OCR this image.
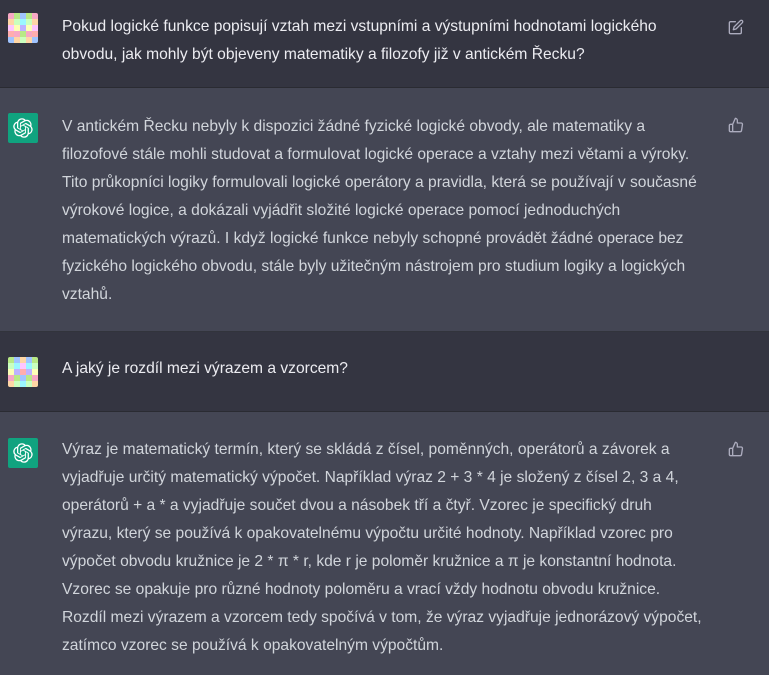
Pokud logické funkce popisují vztah mezi vstupními a výstupními hodnotami logického
obvodu, jak mohly být objeveny matematiky a filozofy již v antickém Řecku?

V antickém Řecku nebyly k dispozici žádné fyzické logické obvody, ale matematiky a
filozofové stále mohli studovat a formulovat logické operace a vztahy mezi větami a výroky.
Tito průkopníci logiky formulovali logické operátory a pravidla, která se používají v současné
výrokové logice, a dokázali vyjádřit složité logické operace pomocí jednoduchých
matematických výrazů. I když logické funkce nebyly schopné provádět žádné operace bez
fyzického logického obvodu, stále byly užitečným nástrojem pro studium logiky a logických
vztahů.

A jaký je rozdíl mezi výrazem a vzorcem?

Výraz je matematický termín, který se skládá z čísel, poměnných, operátorů a závorek a
vyjadřuje určitý matematický výpočet. Například výraz 2 + 3 * 4 je složený z čísel 2, 3 a 4,
operátorů + a * a vyjadřuje součet dvou a násobek tří a čtyř. Vzorec je specifický druh
výrazu, který se používá k opakovatelnému výpočtu určité hodnoty. Například vzorec pro
výpočet obvodu kružnice je 2 * π * r, kde r je poloměr kružnice a π je konstantní hodnota.
Vzorec se opakuje pro různé hodnoty poloměru a vrací vždy hodnotu obvodu kružnice.
Rozdíl mezi výrazem a vzorcem tedy spočívá v tom, že výraz vyjadřuje jednorázový výpočet,
zatímco vzorec se používá k opakovatelným výpočtům.
